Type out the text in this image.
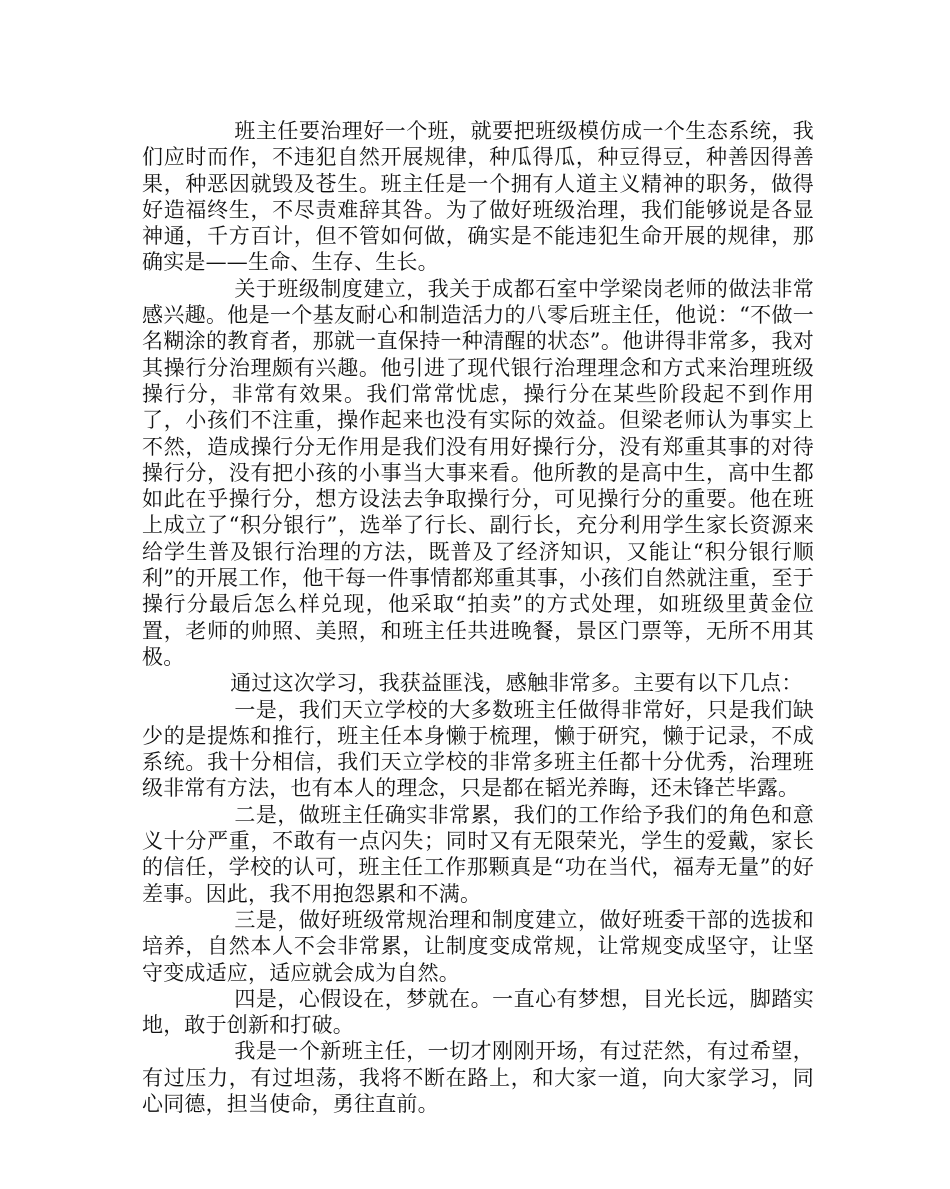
班主任要治理好一个班，就要把班级模仿成一个生态系统，我们应时而作，不违犯自然开展规律，种瓜得瓜，种豆得豆，种善因得善果，种恶因就毁及苍生。班主任是一个拥有人道主义精神的职务，做得好造福终生，不尽责难辞其咎。为了做好班级治理，我们能够说是各显神通，千方百计，但不管如何做，确实是不能违犯生命开展的规律，那确实是——生命、生存、生长。

关于班级制度建立，我关于成都石室中学梁岗老师的做法非常感兴趣。他是一个基友耐心和制造活力的八零后班主任，他说：“不做一名糊涂的教育者，那就一直保持一种清醒的状态”。他讲得非常多，我对其操行分治理颇有兴趣。他引进了现代银行治理理念和方式来治理班级操行分，非常有效果。我们常常忧虑，操行分在某些阶段起不到作用了，小孩们不注重，操作起来也没有实际的效益。但梁老师认为事实上不然，造成操行分无作用是我们没有用好操行分，没有郑重其事的对待操行分，没有把小孩的小事当大事来看。他所教的是高中生，高中生都如此在乎操行分，想方设法去争取操行分，可见操行分的重要。他在班上成立了“积分银行”，选举了行长、副行长，充分利用学生家长资源来给学生普及银行治理的方法，既普及了经济知识，又能让“积分银行顺利”的开展工作，他干每一件事情都郑重其事，小孩们自然就注重，至于操行分最后怎么样兑现，他采取“拍卖”的方式处理，如班级里黄金位置，老师的帅照、美照，和班主任共进晚餐，景区门票等，无所不用其极。

通过这次学习，我获益匪浅，感触非常多。主要有以下几点：

一是，我们天立学校的大多数班主任做得非常好，只是我们缺少的是提炼和推行，班主任本身懒于梳理，懒于研究，懒于记录，不成系统。我十分相信，我们天立学校的非常多班主任都十分优秀，治理班级非常有方法，也有本人的理念，只是都在韬光养晦，还未锋芒毕露。

二是，做班主任确实非常累，我们的工作给予我们的角色和意义十分严重，不敢有一点闪失；同时又有无限荣光，学生的爱戴，家长的信任，学校的认可，班主任工作那颗真是“功在当代，福寿无量”的好差事。因此，我不用抱怨累和不满。

三是，做好班级常规治理和制度建立，做好班委干部的选拔和培养，自然本人不会非常累，让制度变成常规，让常规变成坚守，让坚守变成适应，适应就会成为自然。

四是，心假设在，梦就在。一直心有梦想，目光长远，脚踏实地，敢于创新和打破。

我是一个新班主任，一切才刚刚开场，有过茫然，有过希望，有过压力，有过坦荡，我将不断在路上，和大家一道，向大家学习，同心同德，担当使命，勇往直前。
